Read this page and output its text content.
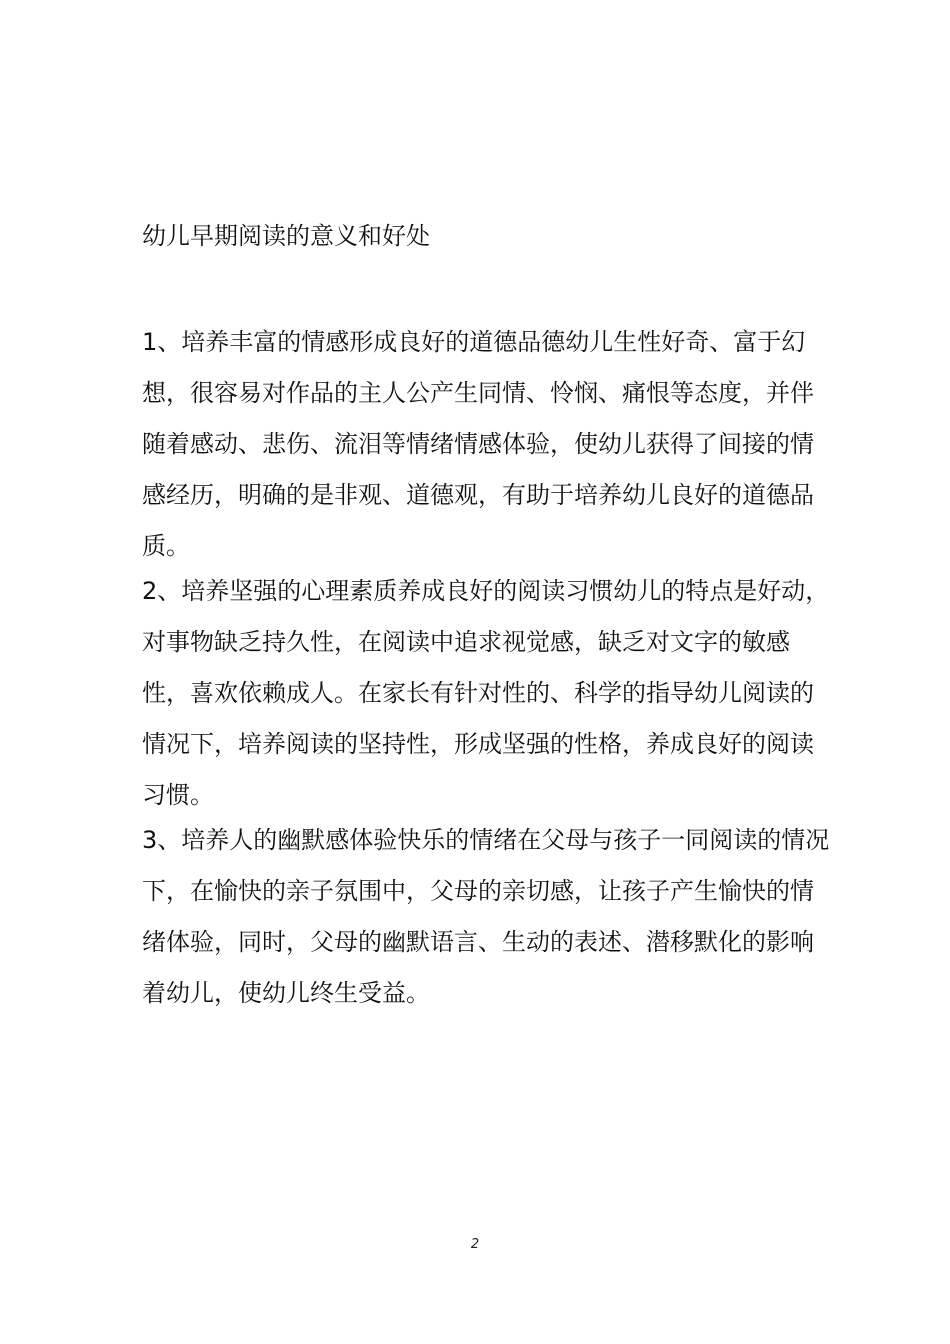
幼儿早期阅读的意义和好处

1、培养丰富的情感形成良好的道德品德幼儿生性好奇、富于幻想，很容易对作品的主人公产生同情、怜悯、痛恨等态度，并伴随着感动、悲伤、流泪等情绪情感体验，使幼儿获得了间接的情感经历，明确的是非观、道德观，有助于培养幼儿良好的道德品质。

2、培养坚强的心理素质养成良好的阅读习惯幼儿的特点是好动，对事物缺乏持久性，在阅读中追求视觉感，缺乏对文字的敏感性，喜欢依赖成人。在家长有针对性的、科学的指导幼儿阅读的情况下，培养阅读的坚持性，形成坚强的性格，养成良好的阅读习惯。

3、培养人的幽默感体验快乐的情绪在父母与孩子一同阅读的情况下，在愉快的亲子氛围中，父母的亲切感，让孩子产生愉快的情绪体验，同时，父母的幽默语言、生动的表述、潜移默化的影响着幼儿，使幼儿终生受益。

2
